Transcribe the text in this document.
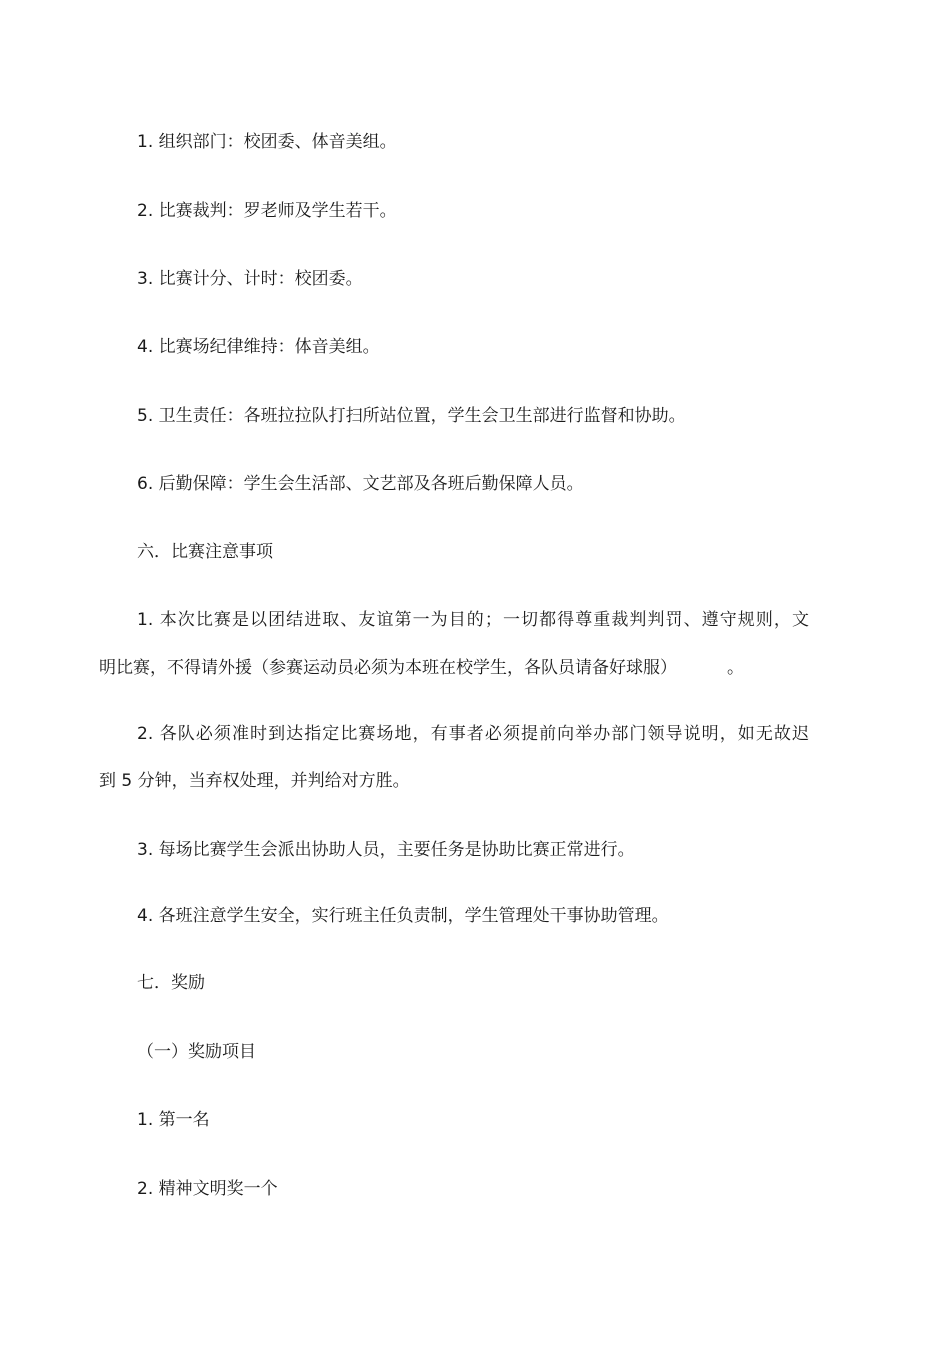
1. 组织部门：校团委、体音美组。
2. 比赛裁判：罗老师及学生若干。
3. 比赛计分、计时：校团委。
4. 比赛场纪律维持：体音美组。
5. 卫生责任：各班拉拉队打扫所站位置，学生会卫生部进行监督和协助。
6. 后勤保障：学生会生活部、文艺部及各班后勤保障人员。
六．比赛注意事项
1. 本次比赛是以团结进取、友谊第一为目的；一切都得尊重裁判判罚、遵守规则，文
明比赛，不得请外援（参赛运动员必须为本班在校学生，各队员请备好球服）	。
2. 各队必须准时到达指定比赛场地，有事者必须提前向举办部门领导说明，如无故迟
到 5 分钟，当弃权处理，并判给对方胜。
3. 每场比赛学生会派出协助人员，主要任务是协助比赛正常进行。
4. 各班注意学生安全，实行班主任负责制，学生管理处干事协助管理。
七．奖励
（一）奖励项目
1. 第一名
2. 精神文明奖一个
